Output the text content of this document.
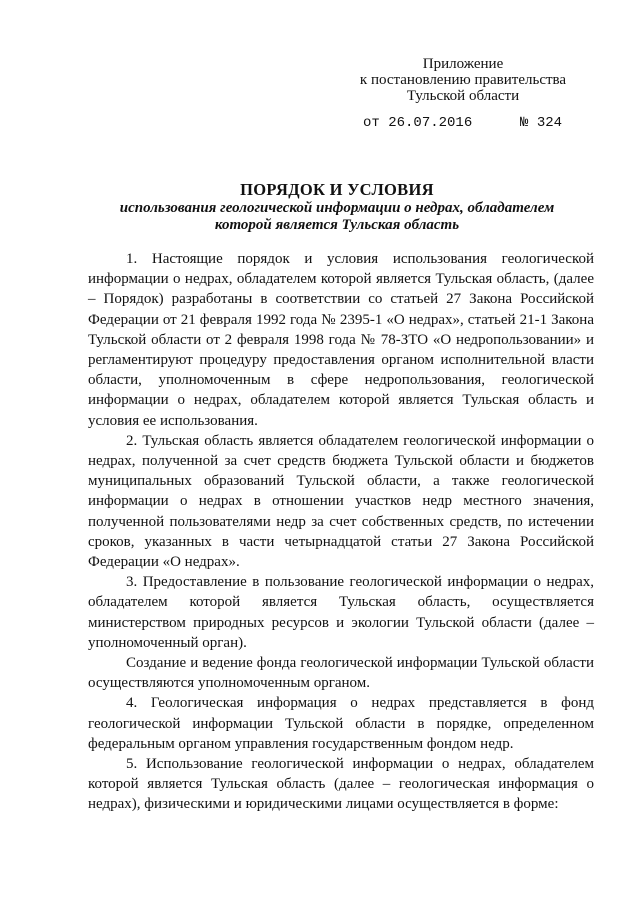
Приложение
к постановлению правительства
Тульской области
от 26.07.2016	№ 324
ПОРЯДОК И УСЛОВИЯ
использования геологической информации о недрах, обладателем
которой является Тульская область

1. Настоящие порядок и условия использования геологической информации о недрах, обладателем которой является Тульская область, (далее – Порядок) разработаны в соответствии со статьей 27 Закона Российской Федерации от 21 февраля 1992 года № 2395-1 «О недрах», статьей 21-1 Закона Тульской области от 2 февраля 1998 года № 78-ЗТО «О недропользовании» и регламентируют процедуру предоставления органом исполнительной власти области, уполномоченным в сфере недропользования, геологической информации о недрах, обладателем которой является Тульская область и условия ее использования.

2. Тульская область является обладателем геологической информации о недрах, полученной за счет средств бюджета Тульской области и бюджетов муниципальных образований Тульской области, а также геологической информации о недрах в отношении участков недр местного значения, полученной пользователями недр за счет собственных средств, по истечении сроков, указанных в части четырнадцатой статьи 27 Закона Российской Федерации «О недрах».

3. Предоставление в пользование геологической информации о недрах, обладателем которой является Тульская область, осуществляется министерством природных ресурсов и экологии Тульской области (далее – уполномоченный орган).

Создание и ведение фонда геологической информации Тульской области осуществляются уполномоченным органом.

4. Геологическая информация о недрах представляется в фонд геологической информации Тульской области в порядке, определенном федеральным органом управления государственным фондом недр.

5. Использование геологической информации о недрах, обладателем которой является Тульская область (далее – геологическая информация о недрах), физическими и юридическими лицами осуществляется в форме:
